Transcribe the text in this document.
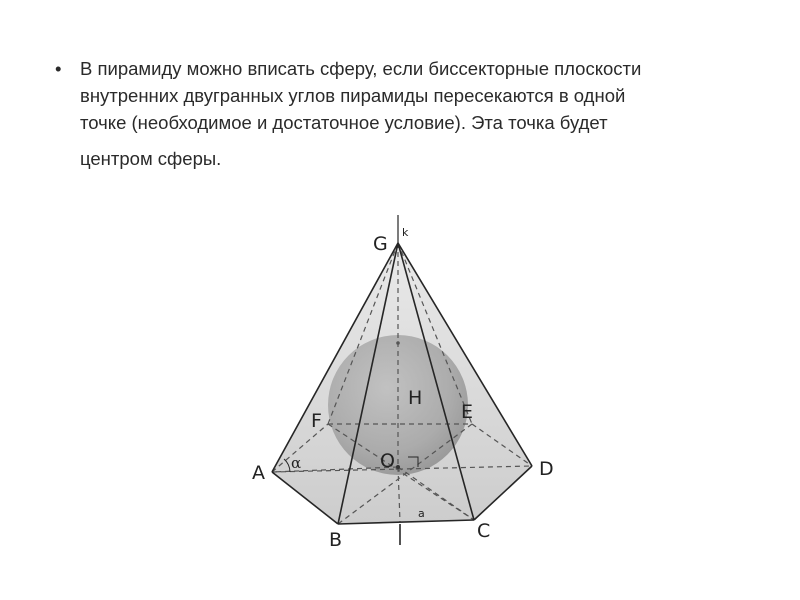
• В пирамиду можно вписать сферу, если биссекторные плоскости
внутренних двугранных углов пирамиды пересекаются в одной
точке (необходимое и достаточное условие). Эта точка будет
центром сферы.
G
k
H
F	E
A α	O	D
B	C
a
